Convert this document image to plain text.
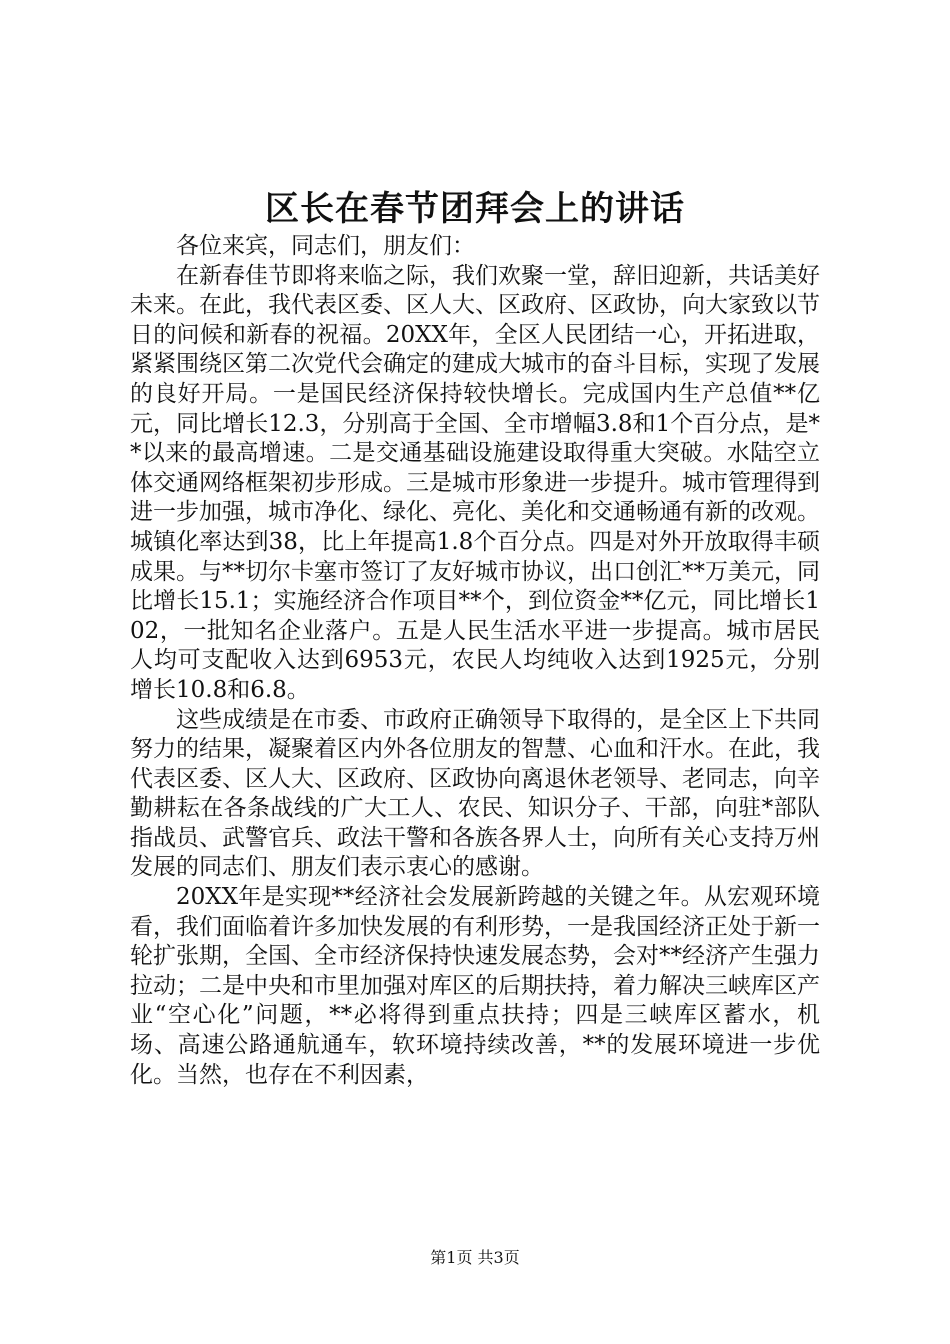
区长在春节团拜会上的讲话

各位来宾，同志们，朋友们：

在新春佳节即将来临之际，我们欢聚一堂，辞旧迎新，共话美好未来。在此，我代表区委、区人大、区政府、区政协，向大家致以节日的问候和新春的祝福。20XX年，全区人民团结一心，开拓进取，紧紧围绕区第二次党代会确定的建成大城市的奋斗目标，实现了发展的良好开局。一是国民经济保持较快增长。完成国内生产总值**亿元，同比增长12.3，分别高于全国、全市增幅3.8和1个百分点，是**以来的最高增速。二是交通基础设施建设取得重大突破。水陆空立体交通网络框架初步形成。三是城市形象进一步提升。城市管理得到进一步加强，城市净化、绿化、亮化、美化和交通畅通有新的改观。城镇化率达到38，比上年提高1.8个百分点。四是对外开放取得丰硕成果。与**切尔卡塞市签订了友好城市协议，出口创汇**万美元，同比增长15.1；实施经济合作项目**个，到位资金**亿元，同比增长102，一批知名企业落户。五是人民生活水平进一步提高。城市居民人均可支配收入达到6953元，农民人均纯收入达到1925元，分别增长10.8和6.8。

这些成绩是在市委、市政府正确领导下取得的，是全区上下共同努力的结果，凝聚着区内外各位朋友的智慧、心血和汗水。在此，我代表区委、区人大、区政府、区政协向离退休老领导、老同志，向辛勤耕耘在各条战线的广大工人、农民、知识分子、干部，向驻*部队指战员、武警官兵、政法干警和各族各界人士，向所有关心支持万州发展的同志们、朋友们表示衷心的感谢。

20XX年是实现**经济社会发展新跨越的关键之年。从宏观环境看，我们面临着许多加快发展的有利形势，一是我国经济正处于新一轮扩张期，全国、全市经济保持快速发展态势，会对**经济产生强力拉动；二是中央和市里加强对库区的后期扶持，着力解决三峡库区产业“空心化”问题，**必将得到重点扶持；四是三峡库区蓄水，机场、高速公路通航通车，软环境持续改善，**的发展环境进一步优化。当然，也存在不利因素，

第1页 共3页
